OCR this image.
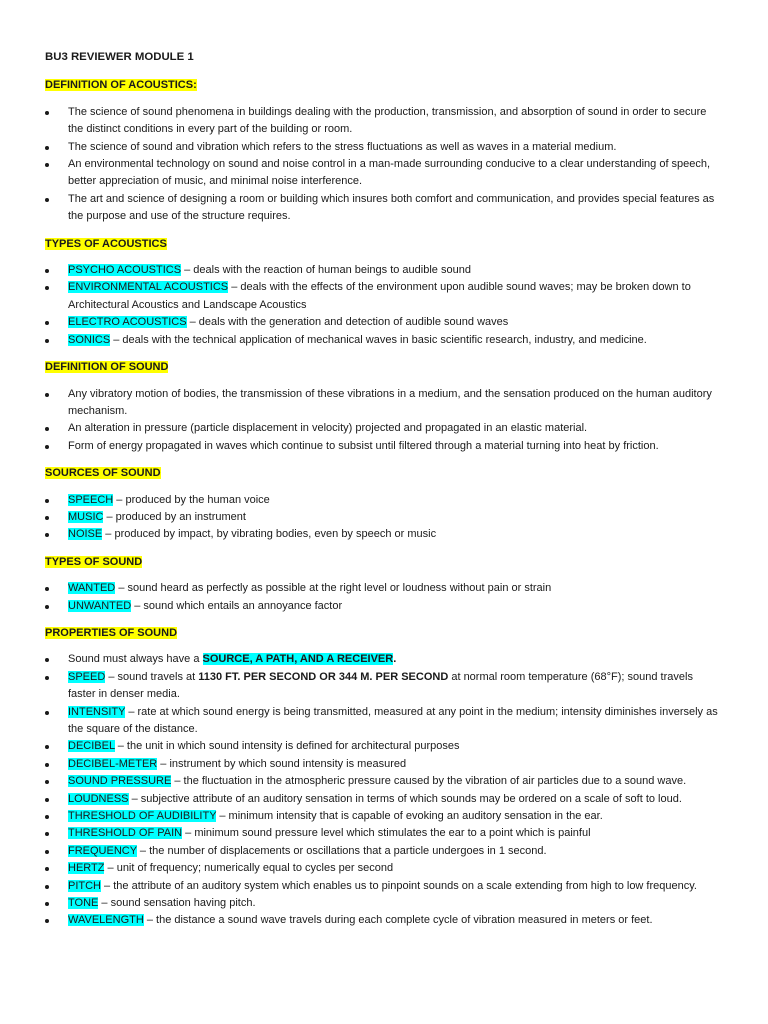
BU3 REVIEWER MODULE 1
DEFINITION OF ACOUSTICS:
The science of sound phenomena in buildings dealing with the production, transmission, and absorption of sound in order to secure the distinct conditions in every part of the building or room.
The science of sound and vibration which refers to the stress fluctuations as well as waves in a material medium.
An environmental technology on sound and noise control in a man-made surrounding conducive to a clear understanding of speech, better appreciation of music, and minimal noise interference.
The art and science of designing a room or building which insures both comfort and communication, and provides special features as the purpose and use of the structure requires.
TYPES OF ACOUSTICS
PSYCHO ACOUSTICS – deals with the reaction of human beings to audible sound
ENVIRONMENTAL ACOUSTICS – deals with the effects of the environment upon audible sound waves; may be broken down to Architectural Acoustics and Landscape Acoustics
ELECTRO ACOUSTICS – deals with the generation and detection of audible sound waves
SONICS – deals with the technical application of mechanical waves in basic scientific research, industry, and medicine.
DEFINITION OF SOUND
Any vibratory motion of bodies, the transmission of these vibrations in a medium, and the sensation produced on the human auditory mechanism.
An alteration in pressure (particle displacement in velocity) projected and propagated in an elastic material.
Form of energy propagated in waves which continue to subsist until filtered through a material turning into heat by friction.
SOURCES OF SOUND
SPEECH – produced by the human voice
MUSIC – produced by an instrument
NOISE – produced by impact, by vibrating bodies, even by speech or music
TYPES OF SOUND
WANTED – sound heard as perfectly as possible at the right level or loudness without pain or strain
UNWANTED – sound which entails an annoyance factor
PROPERTIES OF SOUND
Sound must always have a SOURCE, A PATH, AND A RECEIVER.
SPEED – sound travels at 1130 FT. PER SECOND OR 344 M. PER SECOND at normal room temperature (68°F); sound travels faster in denser media.
INTENSITY – rate at which sound energy is being transmitted, measured at any point in the medium; intensity diminishes inversely as the square of the distance.
DECIBEL – the unit in which sound intensity is defined for architectural purposes
DECIBEL-METER – instrument by which sound intensity is measured
SOUND PRESSURE – the fluctuation in the atmospheric pressure caused by the vibration of air particles due to a sound wave.
LOUDNESS – subjective attribute of an auditory sensation in terms of which sounds may be ordered on a scale of soft to loud.
THRESHOLD OF AUDIBILITY – minimum intensity that is capable of evoking an auditory sensation in the ear.
THRESHOLD OF PAIN – minimum sound pressure level which stimulates the ear to a point which is painful
FREQUENCY – the number of displacements or oscillations that a particle undergoes in 1 second.
HERTZ – unit of frequency; numerically equal to cycles per second
PITCH – the attribute of an auditory system which enables us to pinpoint sounds on a scale extending from high to low frequency.
TONE – sound sensation having pitch.
WAVELENGTH – the distance a sound wave travels during each complete cycle of vibration measured in meters or feet.
